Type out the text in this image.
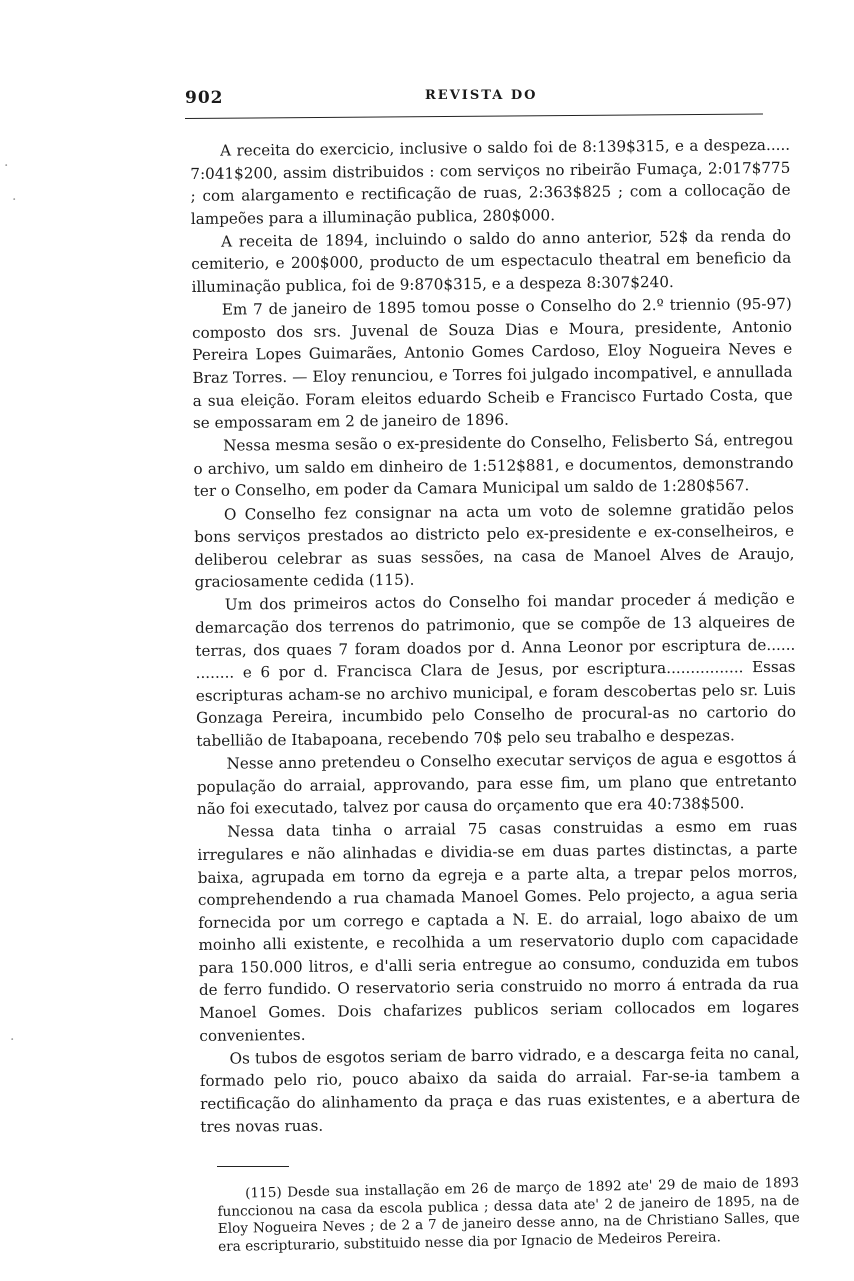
902	REVISTA DO
·
·
·

A receita do exercicio, inclusive o saldo foi de 8:139$315, e a despeza..... 7:041$200, assim distribuidos : com serviços no ribeirão Fumaça, 2:017$775 ; com alargamento e rectificação de ruas, 2:363$825 ; com a collocação de lampeões para a illuminação publica, 280$000.

A receita de 1894, incluindo o saldo do anno anterior, 52$ da renda do cemiterio, e 200$000, producto de um espectaculo theatral em beneficio da illuminação publica, foi de 9:870$315, e a despeza 8:307$240.

Em 7 de janeiro de 1895 tomou posse o Conselho do 2.º triennio (95-97) composto dos srs. Juvenal de Souza Dias e Moura, presidente, Antonio Pereira Lopes Guimarães, Antonio Gomes Cardoso, Eloy Nogueira Neves e Braz Torres. — Eloy renunciou, e Torres foi julgado incompativel, e annullada a sua eleição. Foram eleitos eduardo Scheib e Francisco Furtado Costa, que se empossaram em 2 de janeiro de 1896.

Nessa mesma sesão o ex-presidente do Conselho, Felisberto Sá, entregou o archivo, um saldo em dinheiro de 1:512$881, e documentos, demonstrando ter o Conselho, em poder da Camara Municipal um saldo de 1:280$567.

O Conselho fez consignar na acta um voto de solemne gratidão pelos bons serviços prestados ao districto pelo ex-presidente e ex-conselheiros, e deliberou celebrar as suas sessões, na casa de Manoel Alves de Araujo, graciosamente cedida (115).

Um dos primeiros actos do Conselho foi mandar proceder á medição e demarcação dos terrenos do patrimonio, que se compõe de 13 alqueires de terras, dos quaes 7 foram doados por d. Anna Leonor por escriptura de...... ........ e 6 por d. Francisca Clara de Jesus, por escriptura................ Essas escripturas acham-se no archivo municipal, e foram descobertas pelo sr. Luis Gonzaga Pereira, incumbido pelo Conselho de procural-as no cartorio do tabellião de Itabapoana, recebendo 70$ pelo seu trabalho e despezas.

Nesse anno pretendeu o Conselho executar serviços de agua e esgottos á população do arraial, approvando, para esse fim, um plano que entretanto não foi executado, talvez por causa do orçamento que era 40:738$500.

Nessa data tinha o arraial 75 casas construidas a esmo em ruas irregulares e não alinhadas e dividia-se em duas partes distinctas, a parte baixa, agrupada em torno da egreja e a parte alta, a trepar pelos morros, comprehendendo a rua chamada Manoel Gomes. Pelo projecto, a agua seria fornecida por um corrego e captada a N. E. do arraial, logo abaixo de um moinho alli existente, e recolhida a um reservatorio duplo com capacidade para 150.000 litros, e d'alli seria entregue ao consumo, conduzida em tubos de ferro fundido. O reservatorio seria construido no morro á entrada da rua Manoel Gomes. Dois chafarizes publicos seriam collocados em logares convenientes.

Os tubos de esgotos seriam de barro vidrado, e a descarga feita no canal, formado pelo rio, pouco abaixo da saida do arraial. Far-se-ia tambem a rectificação do alinhamento da praça e das ruas existentes, e a abertura de tres novas ruas.

(115) Desde sua installação em 26 de março de 1892 ate' 29 de maio de 1893 funccionou na casa da escola publica ; dessa data ate' 2 de janeiro de 1895, na de Eloy Nogueira Neves ; de 2 a 7 de janeiro desse anno, na de Christiano Salles, que era escripturario, substituido nesse dia por Ignacio de Medeiros Pereira.
